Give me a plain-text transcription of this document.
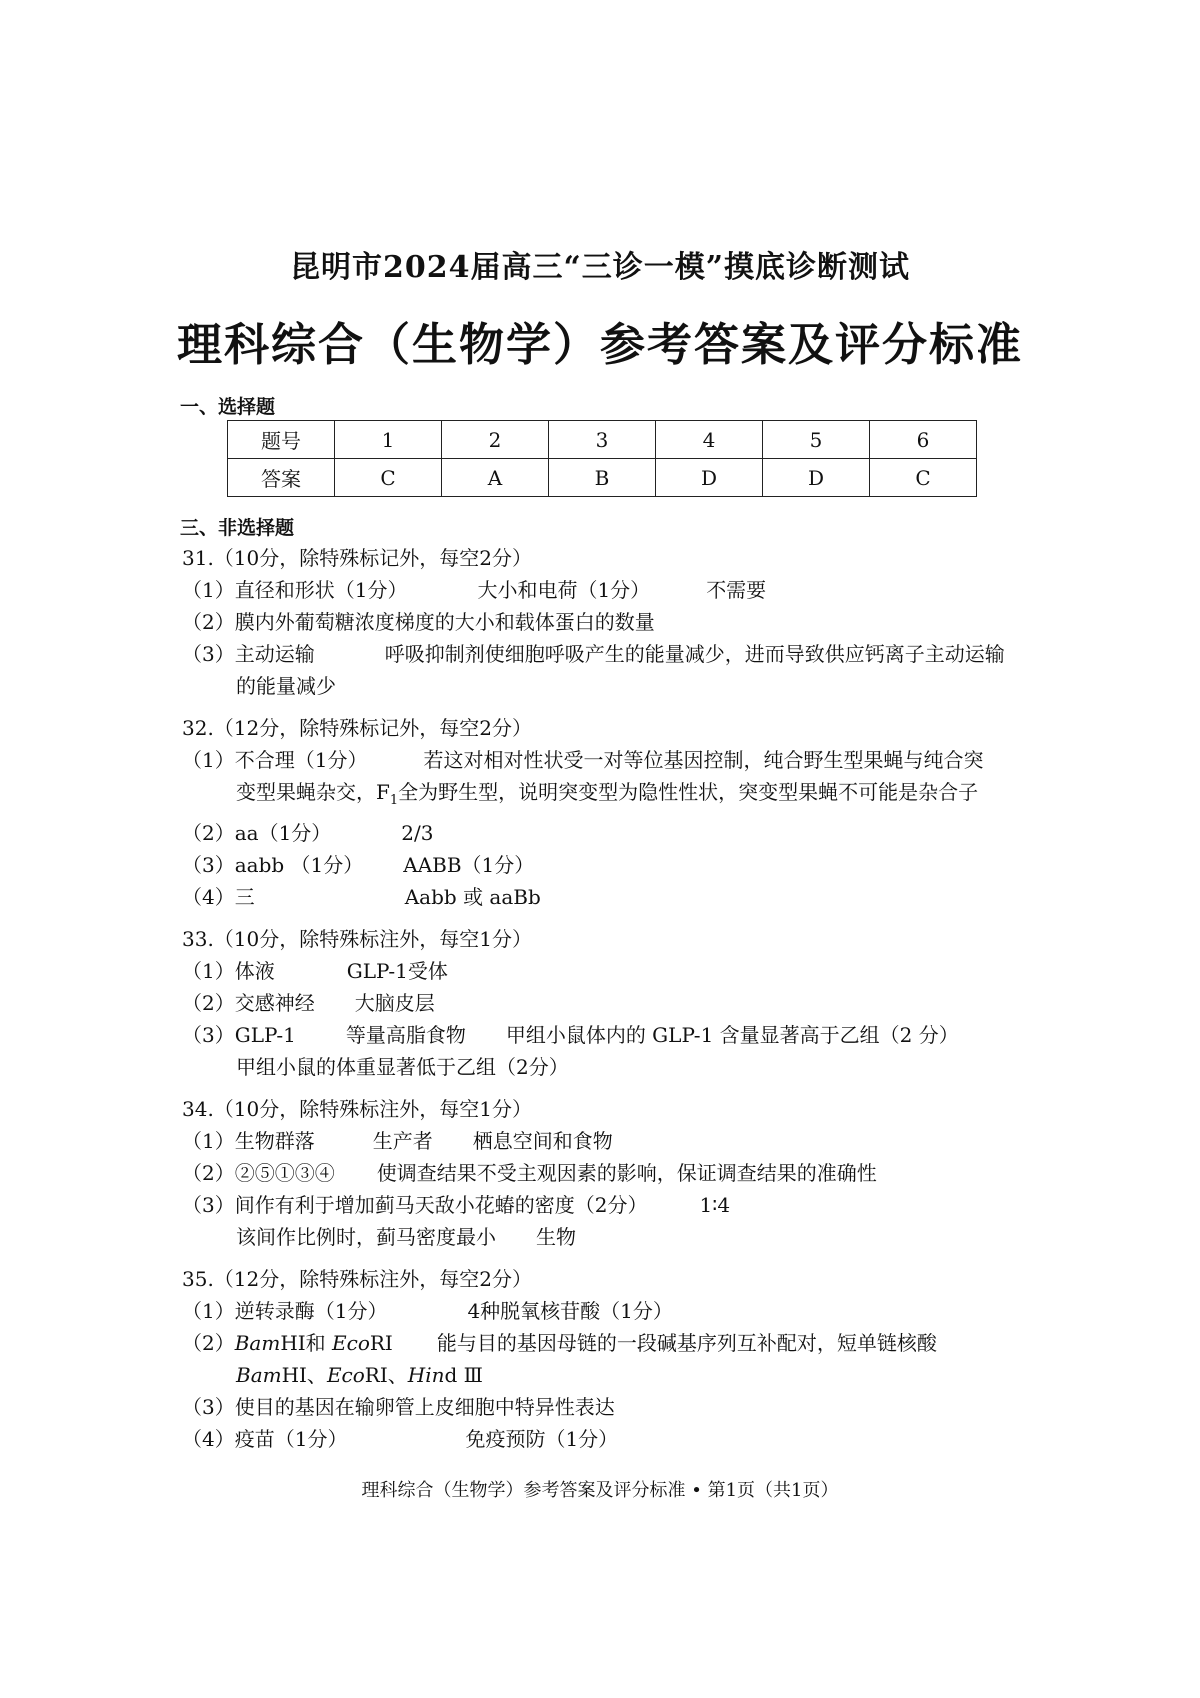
昆明市2024届高三“三诊一模”摸底诊断测试
理科综合（生物学）参考答案及评分标准
一、选择题
题号	1	2	3	4	5	6
答案	C	A	B	D	D	C
三、非选择题

31.（10分，除特殊标记外，每空2分）

（1）直径和形状（1分）	大小和电荷（1分）	不需要

（2）膜内外葡萄糖浓度梯度的大小和载体蛋白的数量

（3）主动运输	呼吸抑制剂使细胞呼吸产生的能量减少，进而导致供应钙离子主动运输

的能量减少

32.（12分，除特殊标记外，每空2分）

（1）不合理（1分）	若这对相对性状受一对等位基因控制，纯合野生型果蝇与纯合突

变型果蝇杂交，$F_1$全为野生型，说明突变型为隐性性状，突变型果蝇不可能是杂合子

（2）aa（1分）	2/3

（3）aabb （1分） AABB（1分）

（4）三	Aabb 或 aaBb

33.（10分，除特殊标注外，每空1分）

（1）体液	GLP-1受体

（2）交感神经 大脑皮层

（3）GLP-1	等量高脂食物 甲组小鼠体内的 GLP-1 含量显著高于乙组（2 分）

甲组小鼠的体重显著低于乙组（2分）

34.（10分，除特殊标注外，每空1分）

（1）生物群落	生产者 栖息空间和食物

（2）②⑤①③④ 使调查结果不受主观因素的影响，保证调查结果的准确性

（3）间作有利于增加蓟马天敌小花蝽的密度（2分）	1∶4

该间作比例时，蓟马密度最小 生物

35.（12分，除特殊标注外，每空2分）

（1）逆转录酶（1分）	4种脱氧核苷酸（1分）

（2）BamHⅠ和 EcoRⅠ 能与目的基因母链的一段碱基序列互补配对，短单链核酸

BamHⅠ、EcoRⅠ、Hind Ⅲ

（3）使目的基因在输卵管上皮细胞中特异性表达

（4）疫苗（1分）	免疫预防（1分）

理科综合（生物学）参考答案及评分标准 • 第1页（共1页）
